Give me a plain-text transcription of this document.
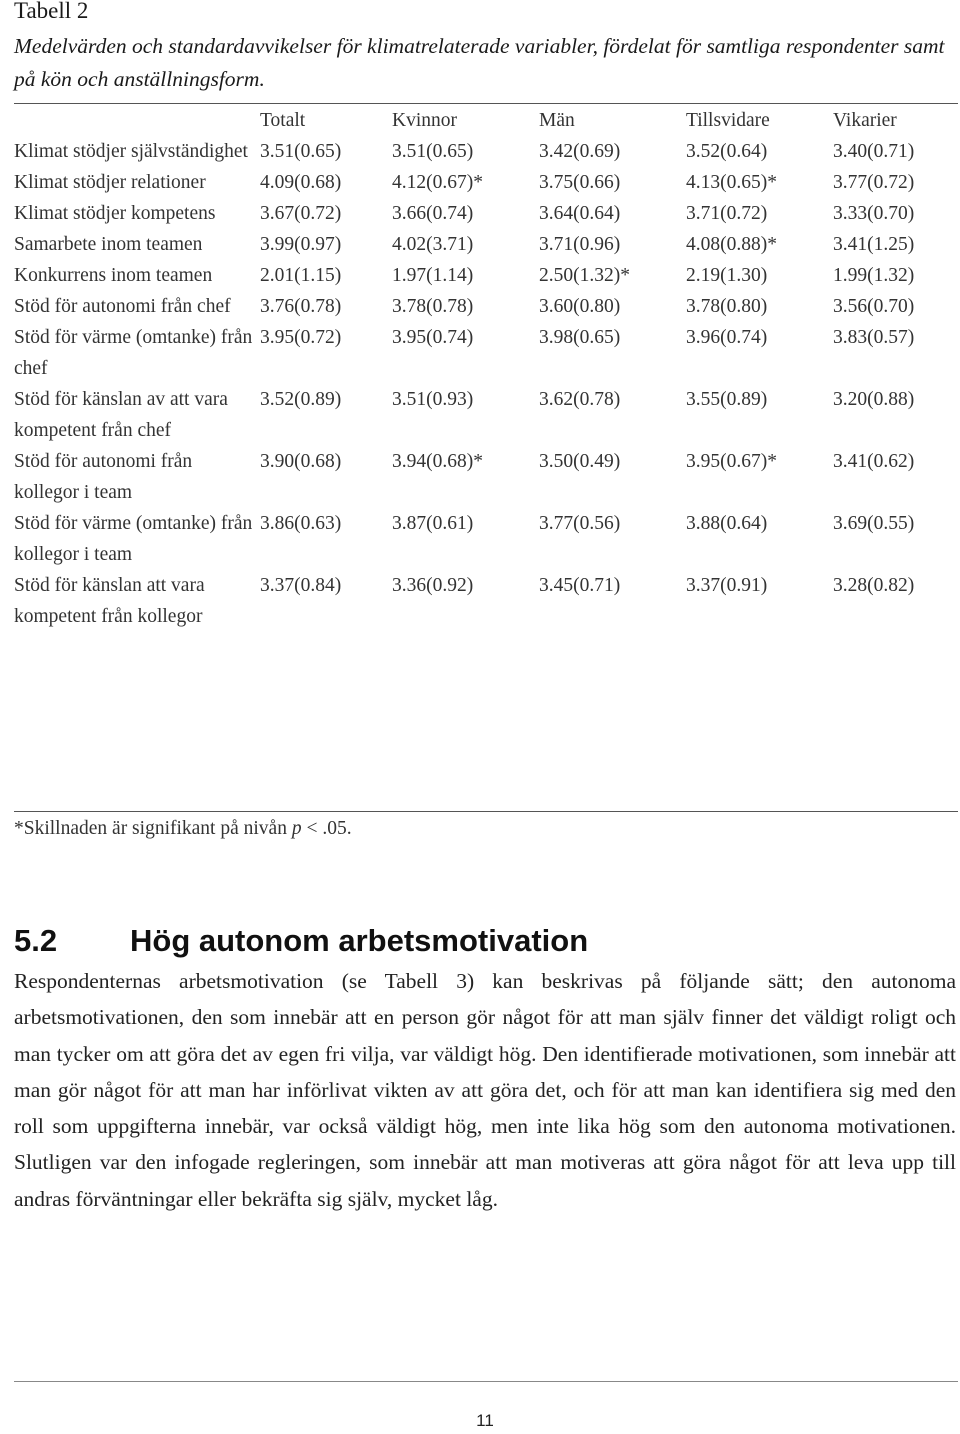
Tabell 2
Medelvärden och standardavvikelser för klimatrelaterade variabler, fördelat för samtliga respondenter samt på kön och anställningsform.
	Totalt	Kvinnor	Män	Tillsvidare	Vikarier
Klimat stödjer självständighet	3.51(0.65)	3.51(0.65)	3.42(0.69)	3.52(0.64)	3.40(0.71)
Klimat stödjer relationer	4.09(0.68)	4.12(0.67)*	3.75(0.66)	4.13(0.65)*	3.77(0.72)
Klimat stödjer kompetens	3.67(0.72)	3.66(0.74)	3.64(0.64)	3.71(0.72)	3.33(0.70)
Samarbete inom teamen	3.99(0.97)	4.02(3.71)	3.71(0.96)	4.08(0.88)*	3.41(1.25)
Konkurrens inom teamen	2.01(1.15)	1.97(1.14)	2.50(1.32)*	2.19(1.30)	1.99(1.32)
Stöd för autonomi från chef	3.76(0.78)	3.78(0.78)	3.60(0.80)	3.78(0.80)	3.56(0.70)
Stöd för värme (omtanke) från chef	3.95(0.72)	3.95(0.74)	3.98(0.65)	3.96(0.74)	3.83(0.57)
Stöd för känslan av att vara kompetent från chef	3.52(0.89)	3.51(0.93)	3.62(0.78)	3.55(0.89)	3.20(0.88)
Stöd för autonomi från kollegor i team	3.90(0.68)	3.94(0.68)*	3.50(0.49)	3.95(0.67)*	3.41(0.62)
Stöd för värme (omtanke) från kollegor i team	3.86(0.63)	3.87(0.61)	3.77(0.56)	3.88(0.64)	3.69(0.55)
Stöd för känslan att vara kompetent från kollegor	3.37(0.84)	3.36(0.92)	3.45(0.71)	3.37(0.91)	3.28(0.82)
*Skillnaden är signifikant på nivån p < .05.
5.2 Hög autonom arbetsmotivation

Respondenternas arbetsmotivation (se Tabell 3) kan beskrivas på följande sätt; den autonoma arbetsmotivationen, den som innebär att en person gör något för att man själv finner det väldigt roligt och man tycker om att göra det av egen fri vilja, var väldigt hög. Den identifierade motivationen, som innebär att man gör något för att man har införlivat vikten av att göra det, och för att man kan identifiera sig med den roll som uppgifterna innebär, var också väldigt hög, men inte lika hög som den autonoma motivationen. Slutligen var den infogade regleringen, som innebär att man motiveras att göra något för att leva upp till andras förväntningar eller bekräfta sig själv, mycket låg.

11
